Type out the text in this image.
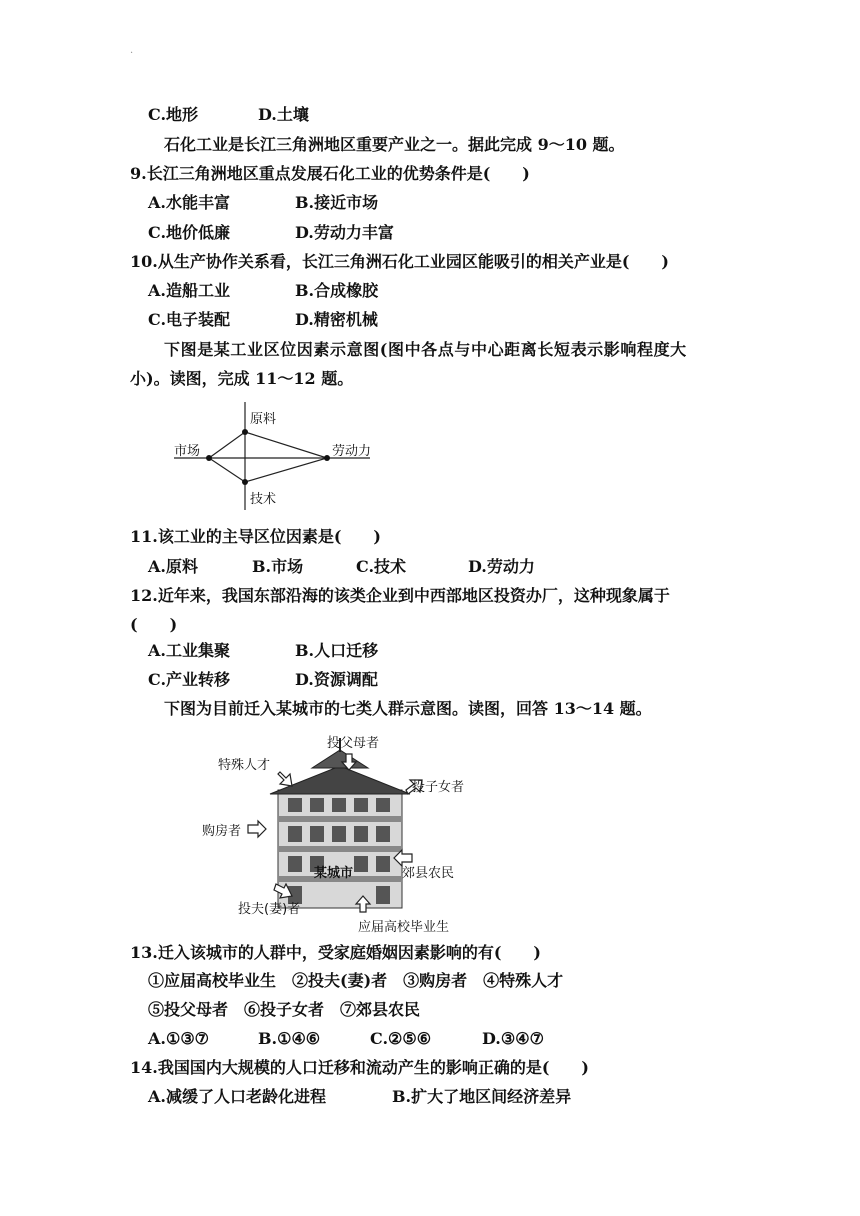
·
C.地形	D.土壤
石化工业是长江三角洲地区重要产业之一。据此完成 9～10 题。
9.长江三角洲地区重点发展石化工业的优势条件是(　　)
A.水能丰富	B.接近市场
C.地价低廉	D.劳动力丰富
10.从生产协作关系看，长江三角洲石化工业园区能吸引的相关产业是(　　)
A.造船工业	B.合成橡胶
C.电子装配	D.精密机械
下图是某工业区位因素示意图(图中各点与中心距离长短表示影响程度大
小)。读图，完成 11～12 题。
原料
市场	劳动力
技术
11.该工业的主导区位因素是(　　)
A.原料	B.市场	C.技术	D.劳动力
12.近年来，我国东部沿海的该类企业到中西部地区投资办厂，这种现象属于
(　　)
A.工业集聚	B.人口迁移
C.产业转移	D.资源调配
下图为目前迁入某城市的七类人群示意图。读图，回答 13～14 题。
投父母者
特殊人才
投子女者
购房者
某城市	郊县农民
投夫(妻)者
应届高校毕业生
13.迁入该城市的人群中，受家庭婚姻因素影响的有(　　)
①应届高校毕业生　②投夫(妻)者　③购房者　④特殊人才
⑤投父母者　⑥投子女者　⑦郊县农民
A.①③⑦	B.①④⑥	C.②⑤⑥	D.③④⑦
14.我国国内大规模的人口迁移和流动产生的影响正确的是(　　)
A.减缓了人口老龄化进程	B.扩大了地区间经济差异
